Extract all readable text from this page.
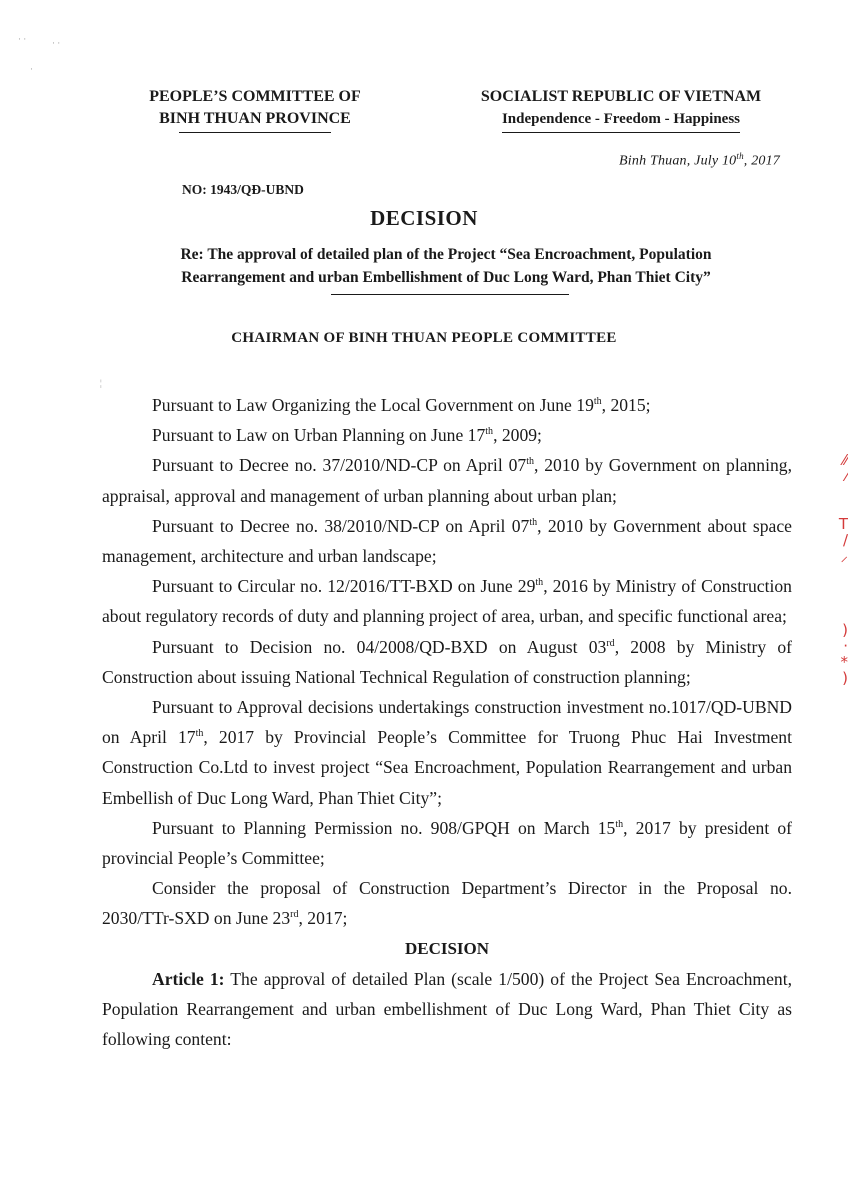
· ·	· ·
·
¦
⁄⁄
⁄
T
∕
⸝
)
·
*
)
PEOPLE’S COMMITTEE OF
BINH THUAN PROVINCE
SOCIALIST REPUBLIC OF VIETNAM
Independence - Freedom - Happiness
Binh Thuan, July 10th, 2017
NO: 1943/QĐ-UBND
DECISION
Re: The approval of detailed plan of the Project “Sea Encroachment, Population
Rearrangement and urban Embellishment of Duc Long Ward, Phan Thiet City”
CHAIRMAN OF BINH THUAN PEOPLE COMMITTEE

Pursuant to Law Organizing the Local Government on June 19th, 2015;

Pursuant to Law on Urban Planning on June 17th, 2009;

Pursuant to Decree no. 37/2010/ND-CP on April 07th, 2010 by Government on planning, appraisal, approval and management of urban planning about urban plan;

Pursuant to Decree no. 38/2010/ND-CP on April 07th, 2010 by Government about space management, architecture and urban landscape;

Pursuant to Circular no. 12/2016/TT-BXD on June 29th, 2016 by Ministry of Construction about regulatory records of duty and planning project of area, urban, and specific functional area;

Pursuant to Decision no. 04/2008/QD-BXD on August 03rd, 2008 by Ministry of Construction about issuing National Technical Regulation of construction planning;

Pursuant to Approval decisions undertakings construction investment no.1017/QD-UBND on April 17th, 2017 by Provincial People’s Committee for Truong Phuc Hai Investment Construction Co.Ltd to invest project “Sea Encroachment, Population Rearrangement and urban Embellish of Duc Long Ward, Phan Thiet City”;

Pursuant to Planning Permission no. 908/GPQH on March 15th, 2017 by president of provincial People’s Committee;

Consider the proposal of Construction Department’s Director in the Proposal no. 2030/TTr-SXD on June 23rd, 2017;

DECISION

Article 1: The approval of detailed Plan (scale 1/500) of the Project Sea Encroachment, Population Rearrangement and urban embellishment of Duc Long Ward, Phan Thiet City as following content:
